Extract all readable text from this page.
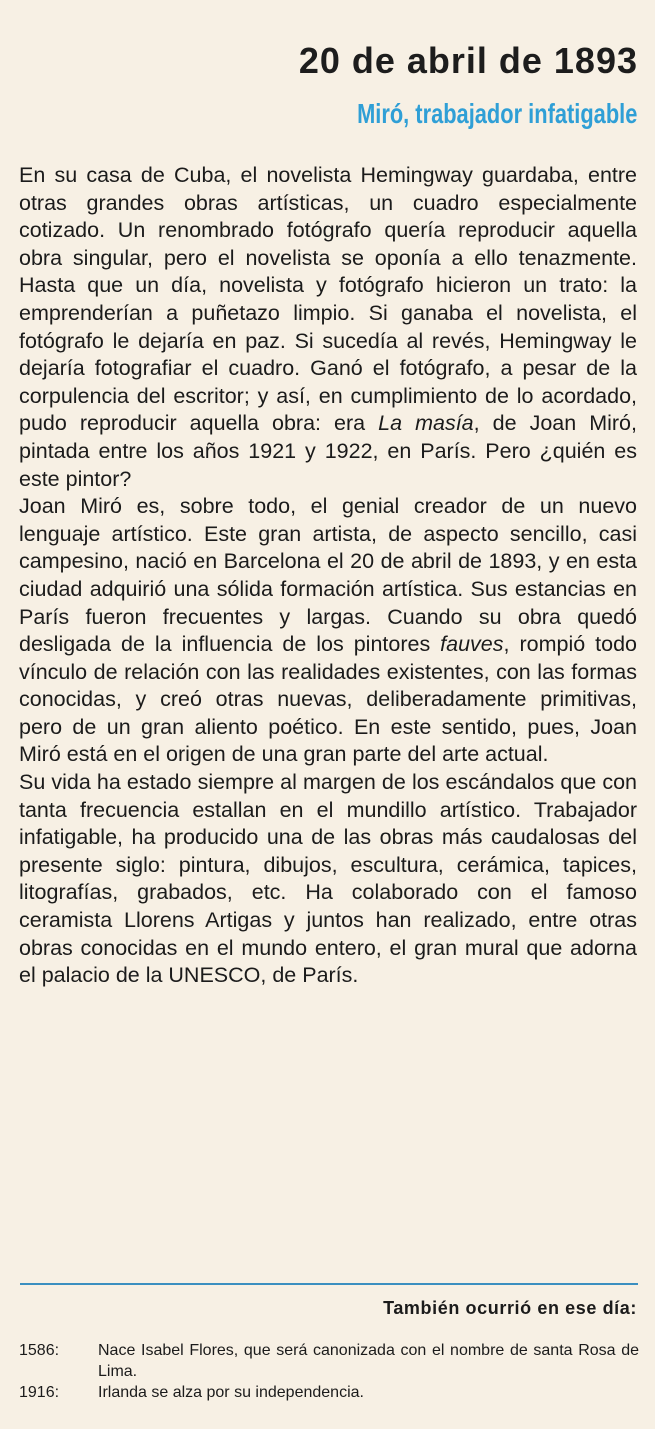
20 de abril de 1893
Miró, trabajador infatigable

En su casa de Cuba, el novelista Hemingway guardaba, entre otras grandes obras artísticas, un cuadro especialmente cotizado. Un renombrado fotógrafo quería reproducir aquella obra singular, pero el novelista se oponía a ello tenazmente. Hasta que un día, novelista y fotógrafo hicieron un trato: la emprenderían a puñetazo limpio. Si ganaba el novelista, el fotógrafo le dejaría en paz. Si sucedía al revés, Hemingway le dejaría fotografiar el cuadro. Ganó el fotógrafo, a pesar de la corpulencia del escritor; y así, en cumplimiento de lo acordado, pudo reproducir aquella obra: era La masía, de Joan Miró, pintada entre los años 1921 y 1922, en París. Pero ¿quién es este pintor?

Joan Miró es, sobre todo, el genial creador de un nuevo lenguaje artístico. Este gran artista, de aspecto sencillo, casi campesino, nació en Barcelona el 20 de abril de 1893, y en esta ciudad adquirió una sólida formación artística. Sus estancias en París fueron frecuentes y largas. Cuando su obra quedó desligada de la influencia de los pintores fauves, rompió todo vínculo de relación con las realidades existentes, con las formas conocidas, y creó otras nuevas, deliberadamente primitivas, pero de un gran aliento poético. En este sentido, pues, Joan Miró está en el origen de una gran parte del arte actual.

Su vida ha estado siempre al margen de los escándalos que con tanta frecuencia estallan en el mundillo artístico. Trabajador infatigable, ha producido una de las obras más caudalosas del presente siglo: pintura, dibujos, escultura, cerámica, tapices, litografías, grabados, etc. Ha colaborado con el famoso ceramista Llorens Artigas y juntos han realizado, entre otras obras conocidas en el mundo entero, el gran mural que adorna el palacio de la UNESCO, de París.

También ocurrió en ese día:
1586:	Nace Isabel Flores, que será canonizada con el nombre de santa Rosa de Lima.
1916:	Irlanda se alza por su independencia.
